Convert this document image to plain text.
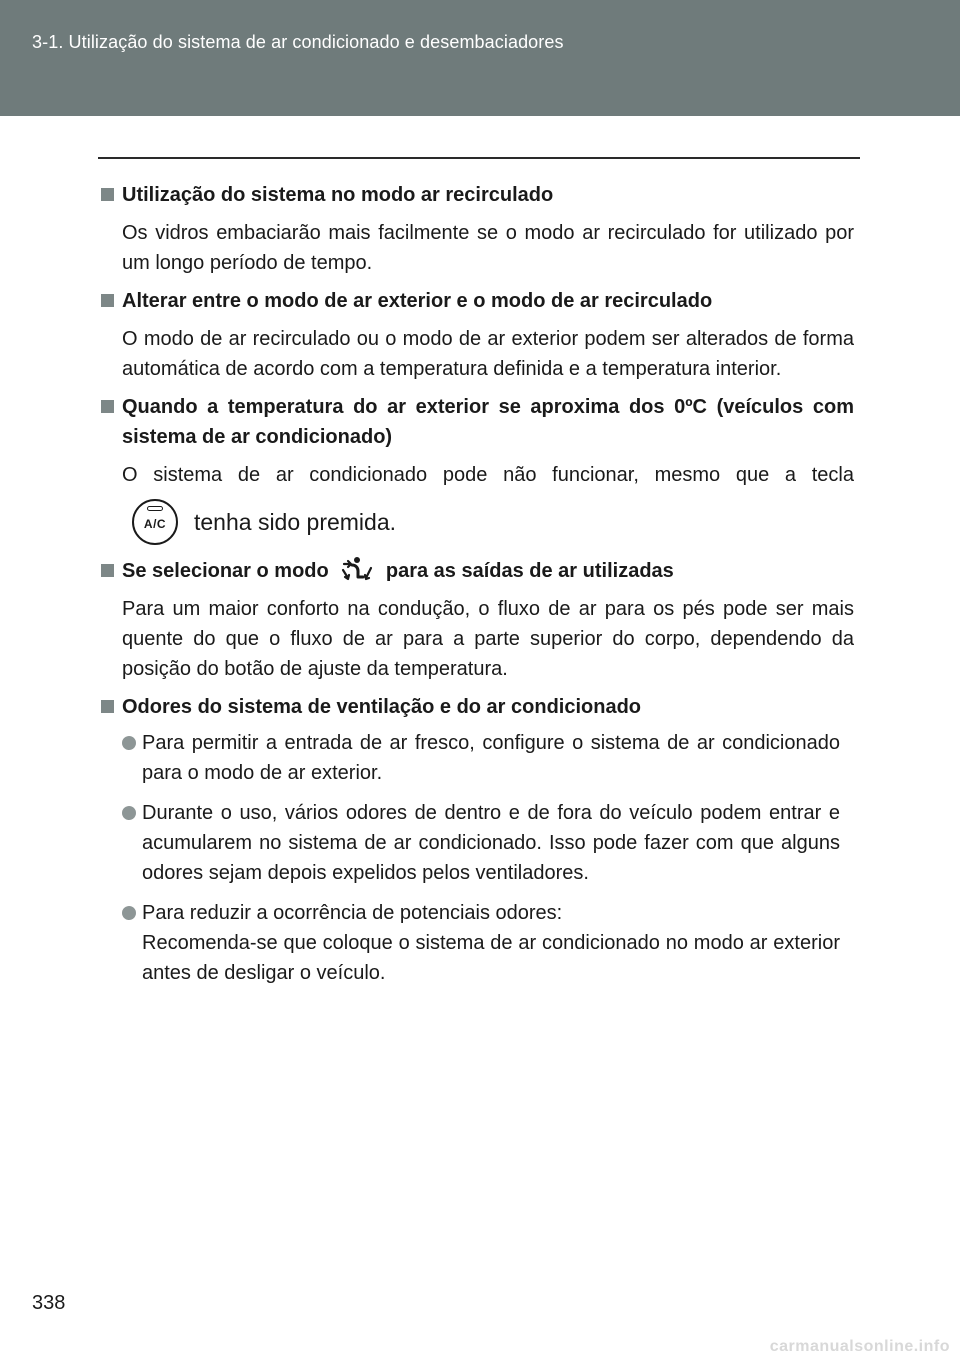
3-1. Utilização do sistema de ar condicionado e desembaciadores
Utilização do sistema no modo ar recirculado
Os vidros embaciarão mais facilmente se o modo ar recirculado for utilizado por um longo período de tempo.
Alterar entre o modo de ar exterior e o modo de ar recirculado
O modo de ar recirculado ou o modo de ar exterior podem ser alterados de forma automática de acordo com a temperatura definida e a temperatura interior.
Quando a temperatura do ar exterior se aproxima dos 0ºC (veículos com sistema de ar condicionado)
O sistema de ar condicionado pode não funcionar, mesmo que a tecla
A/C	tenha sido premida.
Se selecionar o modo	para as saídas de ar utilizadas
Para um maior conforto na condução, o fluxo de ar para os pés pode ser mais quente do que o fluxo de ar para a parte superior do corpo, dependendo da posição do botão de ajuste da temperatura.
Odores do sistema de ventilação e do ar condicionado
Para permitir a entrada de ar fresco, configure o sistema de ar condicionado para o modo de ar exterior.
Durante o uso, vários odores de dentro e de fora do veículo podem entrar e acumularem no sistema de ar condicionado. Isso pode fazer com que alguns odores sejam depois expelidos pelos ventiladores.
Para reduzir a ocorrência de potenciais odores:
Recomenda-se que coloque o sistema de ar condicionado no modo ar exterior antes de desligar o veículo.
338
carmanualsonline.info
